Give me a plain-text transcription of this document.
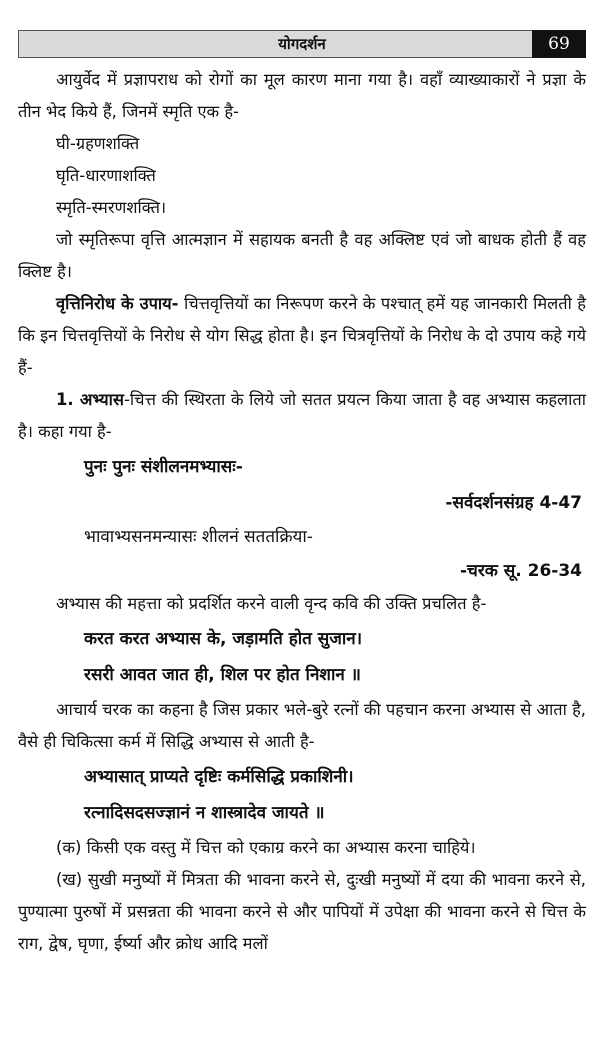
योगदर्शन	69

आयुर्वेद में प्रज्ञापराध को रोगों का मूल कारण माना गया है। वहाँ व्याख्याकारों ने प्रज्ञा के तीन भेद किये हैं, जिनमें स्मृति एक है-

घी-ग्रहणशक्ति
घृति-धारणाशक्ति
स्मृति-स्मरणशक्ति।

जो स्मृतिरूपा वृत्ति आत्मज्ञान में सहायक बनती है वह अक्लिष्ट एवं जो बाधक होती हैं वह क्लिष्ट है।

वृत्तिनिरोध के उपाय- चित्तवृत्तियों का निरूपण करने के पश्चात् हमें यह जानकारी मिलती है कि इन चित्तवृत्तियों के निरोध से योग सिद्ध होता है। इन चित्रवृत्तियों के निरोध के दो उपाय कहे गये हैं-

1. अभ्यास-चित्त की स्थिरता के लिये जो सतत प्रयत्न किया जाता है वह अभ्यास कहलाता है। कहा गया है-

पुनः पुनः संशीलनमभ्यासः-
-सर्वदर्शनसंग्रह 4-47
भावाभ्यसनमन्यासः शीलनं सततक्रिया-
-चरक सू. 26-34

अभ्यास की महत्ता को प्रदर्शित करने वाली वृन्द कवि की उक्ति प्रचलित है-

करत करत अभ्यास के, जड़ामति होत सुजान।
रसरी आवत जात ही, शिल पर होत निशान ॥

आचार्य चरक का कहना है जिस प्रकार भले-बुरे रत्नों की पहचान करना अभ्यास से आता है, वैसे ही चिकित्सा कर्म में सिद्धि अभ्यास से आती है-

अभ्यासात् प्राप्यते दृष्टिः कर्मसिद्धि प्रकाशिनी।
रत्नादिसदसज्ज्ञानं न शास्त्रादेव जायते ॥

(क) किसी एक वस्तु में चित्त को एकाग्र करने का अभ्यास करना चाहिये।

(ख) सुखी मनुष्यों में मित्रता की भावना करने से, दुःखी मनुष्यों में दया की भावना करने से, पुण्यात्मा पुरुषों में प्रसन्नता की भावना करने से और पापियों में उपेक्षा की भावना करने से चित्त के राग, द्वेष, घृणा, ईर्ष्या और क्रोध आदि मलों
